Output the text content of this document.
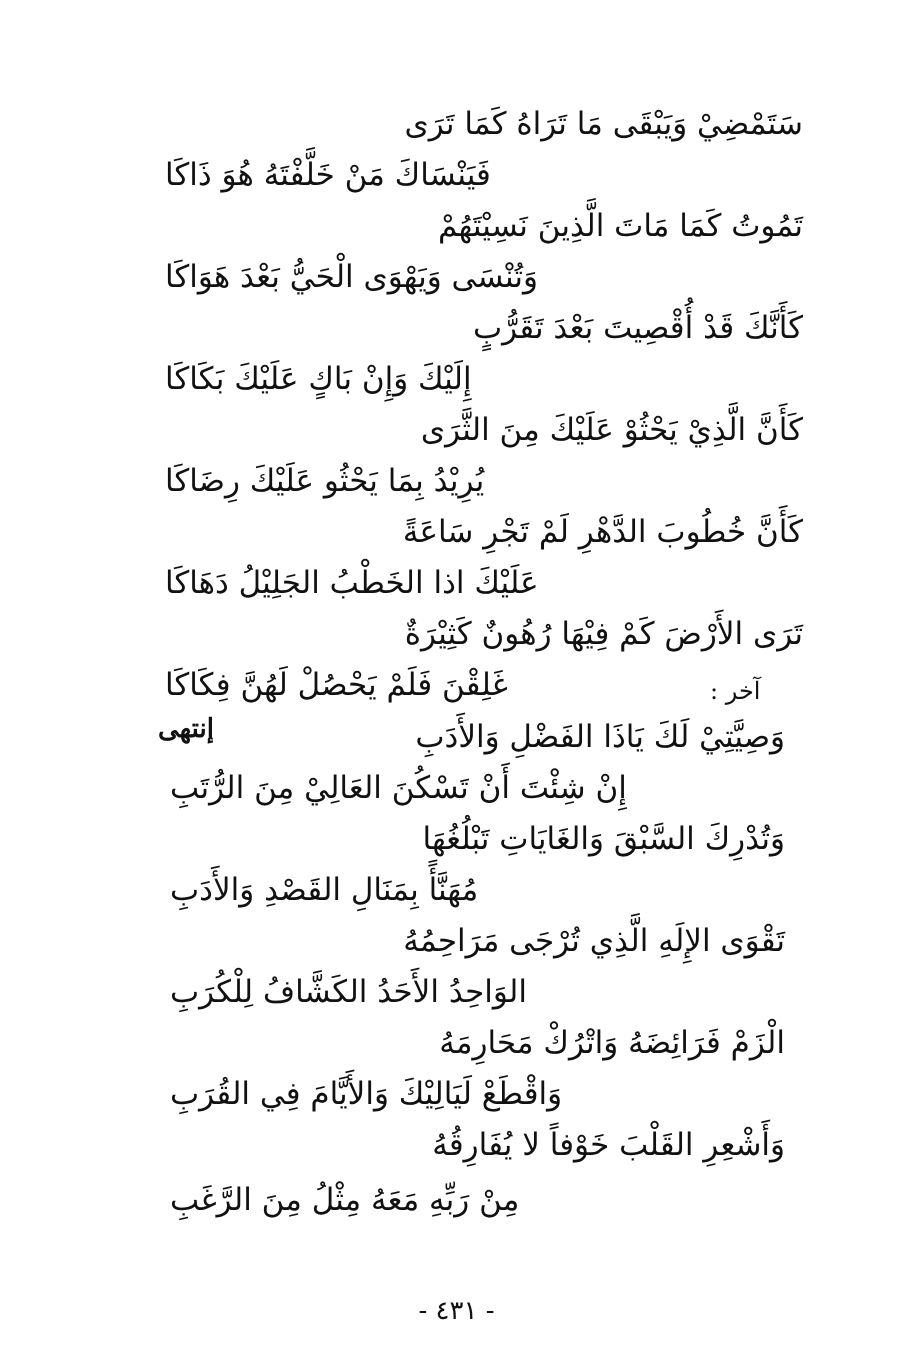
سَتَمْضِيْ وَيَبْقَى مَا تَرَاهُ كَمَا تَرَى
فَيَنْسَاكَ مَنْ خَلَّفْتَهُ هُوَ ذَاكَا
تَمُوتُ كَمَا مَاتَ الَّذِينَ نَسِيْتَهُمْ
وَتُنْسَى وَيَهْوَى الْحَيُّ بَعْدَ هَوَاكَا
كَأَنَّكَ قَدْ أُقْصِيتَ بَعْدَ تَقَرُّبٍ
إِلَيْكَ وَإِنْ بَاكٍ عَلَيْكَ بَكَاكَا
كَأَنَّ الَّذِيْ يَحْثُوْ عَلَيْكَ مِنَ الثَّرَى
يُرِيْدُ بِمَا يَحْثُو عَلَيْكَ رِضَاكَا
كَأَنَّ خُطُوبَ الدَّهْرِ لَمْ تَجْرِ سَاعَةً
عَلَيْكَ اذا الخَطْبُ الجَلِيْلُ دَهَاكَا
تَرَى الأَرْضَ كَمْ فِيْهَا رُهُونٌ كَثِيْرَةٌ
غَلِقْنَ فَلَمْ يَحْصُلْ لَهُنَّ فِكَاكَا	آخر :
إنتهى	وَصِيَّتِيْ لَكَ يَاذَا الفَضْلِ وَالأَدَبِ
إِنْ شِئْتَ أَنْ تَسْكُنَ العَالِيْ مِنَ الرُّتَبِ
وَتُدْرِكَ السَّبْقَ وَالغَايَاتِ تَبْلُغُهَا
مُهَنَّأً بِمَنَالِ القَصْدِ وَالأَدَبِ
تَقْوَى الإِلَهِ الَّذِي تُرْجَى مَرَاحِمُهُ
الوَاحِدُ الأَحَدُ الكَشَّافُ لِلْكُرَبِ
الْزَمْ فَرَائِضَهُ وَاتْرُكْ مَحَارِمَهُ
وَاقْطَعْ لَيَالِيْكَ وَالأَيَّامَ فِي القُرَبِ
وَأَشْعِرِ القَلْبَ خَوْفاً لا يُفَارِقُهُ
مِنْ رَبِّهِ مَعَهُ مِثْلُ مِنَ الرَّغَبِ
- ٤٣١ -
